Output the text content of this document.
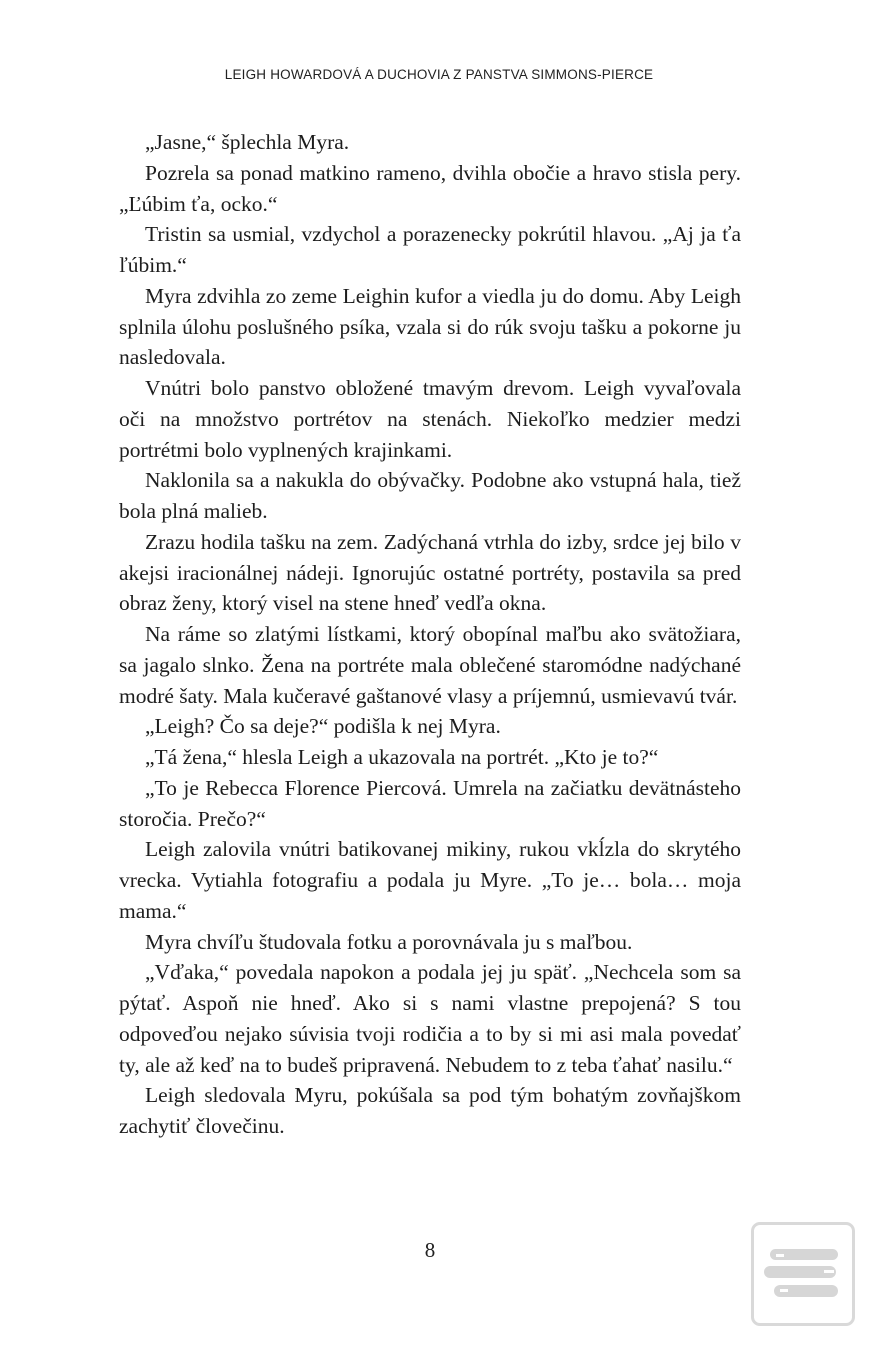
LEIGH HOWARDOVÁ A DUCHOVIA Z PANSTVA SIMMONS-PIERCE

„Jasne,“ šplechla Myra.

Pozrela sa ponad matkino rameno, dvihla obočie a hravo stisla pery. „Ľúbim ťa, ocko.“

Tristin sa usmial, vzdychol a porazenecky pokrútil hlavou. „Aj ja ťa ľúbim.“

Myra zdvihla zo zeme Leighin kufor a viedla ju do domu. Aby Leigh splnila úlohu poslušného psíka, vzala si do rúk svoju tašku a pokorne ju nasledovala.

Vnútri bolo panstvo obložené tmavým drevom. Leigh vyvaľovala oči na množstvo portrétov na stenách. Niekoľko medzier medzi portrétmi bolo vyplnených krajinkami.

Naklonila sa a nakukla do obývačky. Podobne ako vstupná hala, tiež bola plná malieb.

Zrazu hodila tašku na zem. Zadýchaná vtrhla do izby, srdce jej bilo v akejsi iracionálnej nádeji. Ignorujúc ostatné portréty, postavila sa pred obraz ženy, ktorý visel na stene hneď vedľa okna.

Na ráme so zlatými lístkami, ktorý obopínal maľbu ako svätožiara, sa jagalo slnko. Žena na portréte mala oblečené staromódne nadýchané modré šaty. Mala kučeravé gaštanové vlasy a príjemnú, usmievavú tvár.

„Leigh? Čo sa deje?“ podišla k nej Myra.

„Tá žena,“ hlesla Leigh a ukazovala na portrét. „Kto je to?“

„To je Rebecca Florence Piercová. Umrela na začiatku devätnásteho storočia. Prečo?“

Leigh zalovila vnútri batikovanej mikiny, rukou vkĺzla do skrytého vrecka. Vytiahla fotografiu a podala ju Myre. „To je… bola… moja mama.“

Myra chvíľu študovala fotku a porovnávala ju s maľbou.

„Vďaka,“ povedala napokon a podala jej ju späť. „Nechcela som sa pýtať. Aspoň nie hneď. Ako si s nami vlastne prepojená? S tou odpoveďou nejako súvisia tvoji rodičia a to by si mi asi mala povedať ty, ale až keď na to budeš pripravená. Nebudem to z teba ťahať nasilu.“

Leigh sledovala Myru, pokúšala sa pod tým bohatým zovňajškom zachytiť človečinu.

8
